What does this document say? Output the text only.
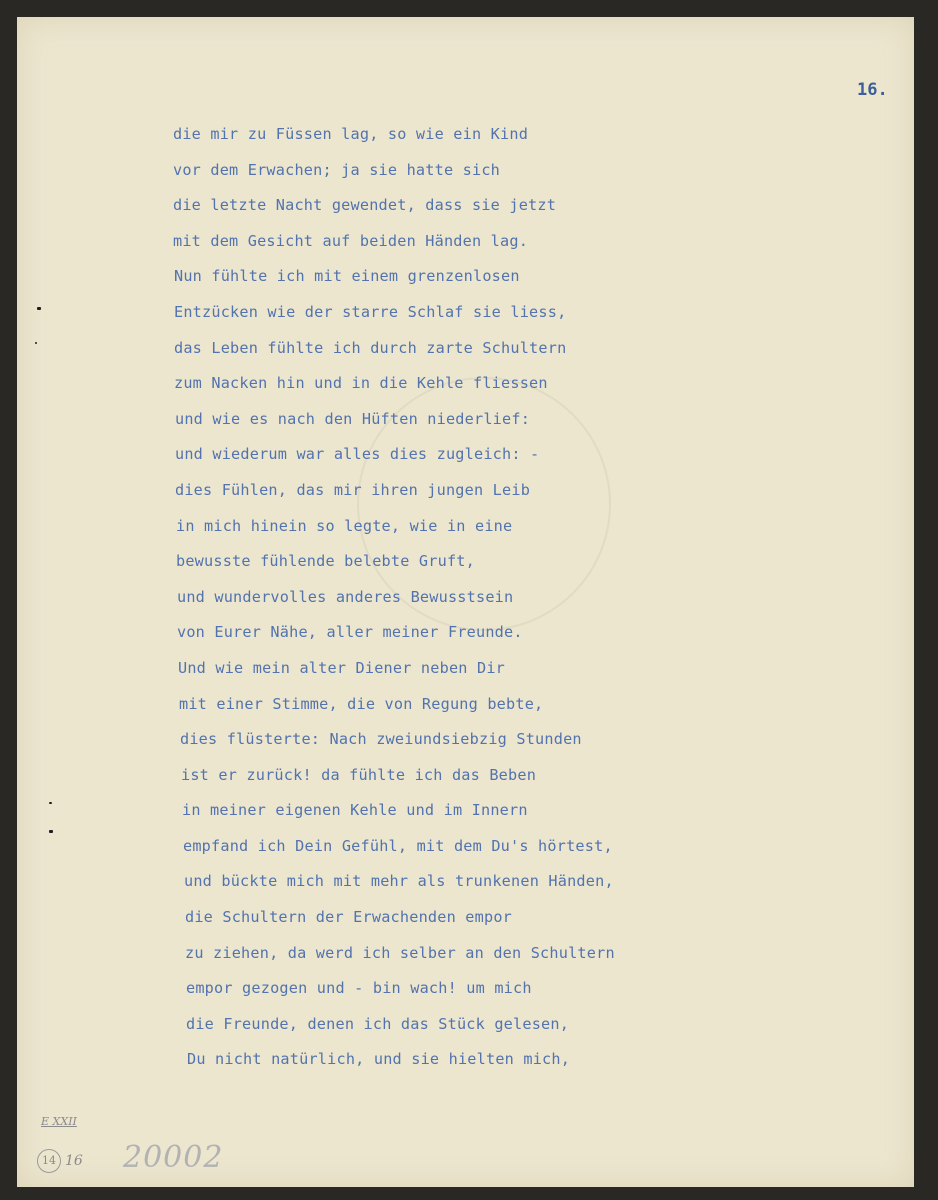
16.
die mir zu Füssen lag, so wie ein Kind
vor dem Erwachen; ja sie hatte sich
die letzte Nacht gewendet, dass sie jetzt
mit dem Gesicht auf beiden Händen lag.
Nun fühlte ich mit einem grenzenlosen
Entzücken wie der starre Schlaf sie liess,
das Leben fühlte ich durch zarte Schultern
zum Nacken hin und in die Kehle fliessen
und wie es nach den Hüften niederlief:
und wiederum war alles dies zugleich: -
dies Fühlen, das mir ihren jungen Leib
in mich hinein so legte, wie in eine
bewusste fühlende belebte Gruft,
und wundervolles anderes Bewusstsein
von Eurer Nähe, aller meiner Freunde.
Und wie mein alter Diener neben Dir
mit einer Stimme, die von Regung bebte,
dies flüsterte: Nach zweiundsiebzig Stunden
ist er zurück! da fühlte ich das Beben
in meiner eigenen Kehle und im Innern
empfand ich Dein Gefühl, mit dem Du's hörtest,
und bückte mich mit mehr als trunkenen Händen,
die Schultern der Erwachenden empor
zu ziehen, da werd ich selber an den Schultern
empor gezogen und - bin wach! um mich
die Freunde, denen ich das Stück gelesen,
Du nicht natürlich, und sie hielten mich,
E XXII
14 16 20002
